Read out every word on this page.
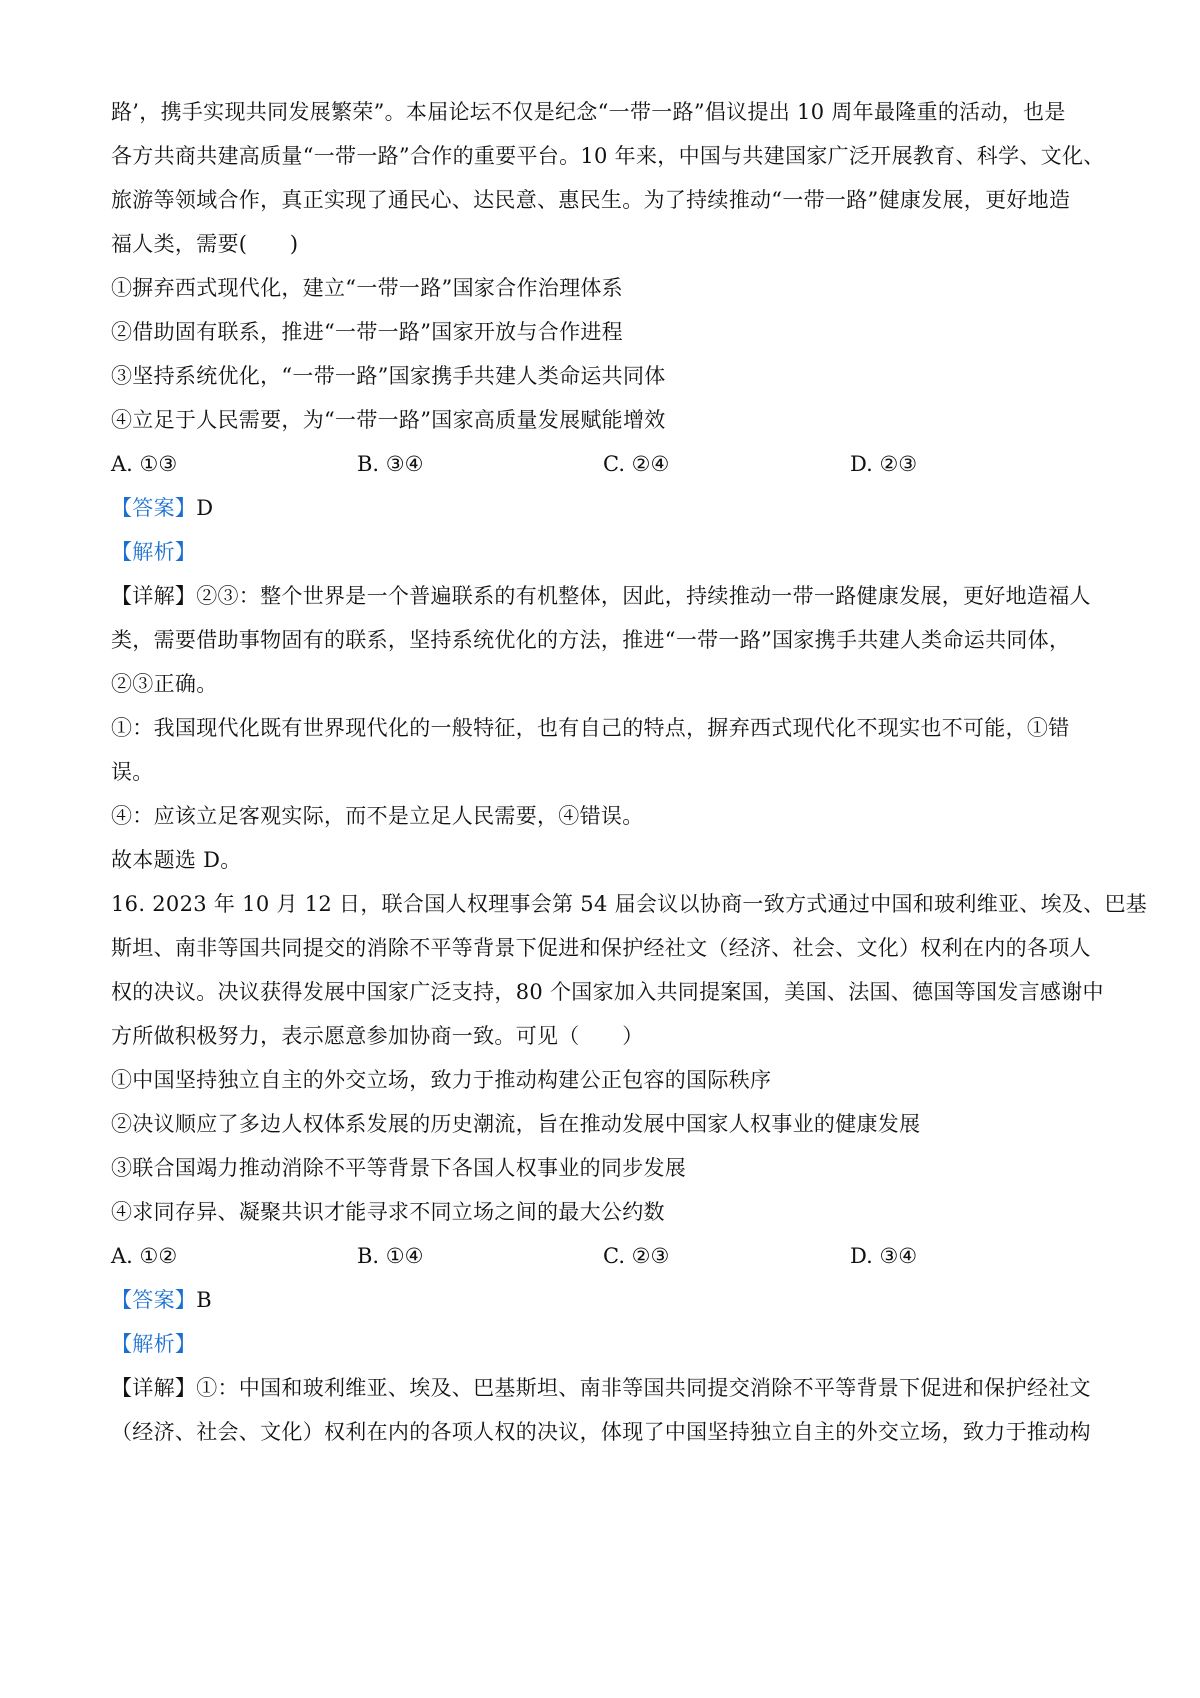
路’，携手实现共同发展繁荣”。本届论坛不仅是纪念“一带一路”倡议提出 10 周年最隆重的活动，也是
各方共商共建高质量“一带一路”合作的重要平台。10 年来，中国与共建国家广泛开展教育、科学、文化、
旅游等领域合作，真正实现了通民心、达民意、惠民生。为了持续推动“一带一路”健康发展，更好地造
福人类，需要(　　)
①摒弃西式现代化，建立“一带一路”国家合作治理体系
②借助固有联系，推进“一带一路”国家开放与合作进程
③坚持系统优化，“一带一路”国家携手共建人类命运共同体
④立足于人民需要，为“一带一路”国家高质量发展赋能增效
A. ①③	B. ③④	C. ②④	D. ②③
【答案】D
【解析】
【详解】②③：整个世界是一个普遍联系的有机整体，因此，持续推动一带一路健康发展，更好地造福人
类，需要借助事物固有的联系，坚持系统优化的方法，推进“一带一路”国家携手共建人类命运共同体，
②③正确。
①：我国现代化既有世界现代化的一般特征，也有自己的特点，摒弃西式现代化不现实也不可能，①错
误。
④：应该立足客观实际，而不是立足人民需要，④错误。
故本题选 D。
16. 2023 年 10 月 12 日，联合国人权理事会第 54 届会议以协商一致方式通过中国和玻利维亚、埃及、巴基
斯坦、南非等国共同提交的消除不平等背景下促进和保护经社文（经济、社会、文化）权利在内的各项人
权的决议。决议获得发展中国家广泛支持，80 个国家加入共同提案国，美国、法国、德国等国发言感谢中
方所做积极努力，表示愿意参加协商一致。可见（　　）
①中国坚持独立自主的外交立场，致力于推动构建公正包容的国际秩序
②决议顺应了多边人权体系发展的历史潮流，旨在推动发展中国家人权事业的健康发展
③联合国竭力推动消除不平等背景下各国人权事业的同步发展
④求同存异、凝聚共识才能寻求不同立场之间的最大公约数
A. ①②	B. ①④	C. ②③	D. ③④
【答案】B
【解析】
【详解】①：中国和玻利维亚、埃及、巴基斯坦、南非等国共同提交消除不平等背景下促进和保护经社文
（经济、社会、文化）权利在内的各项人权的决议，体现了中国坚持独立自主的外交立场，致力于推动构
